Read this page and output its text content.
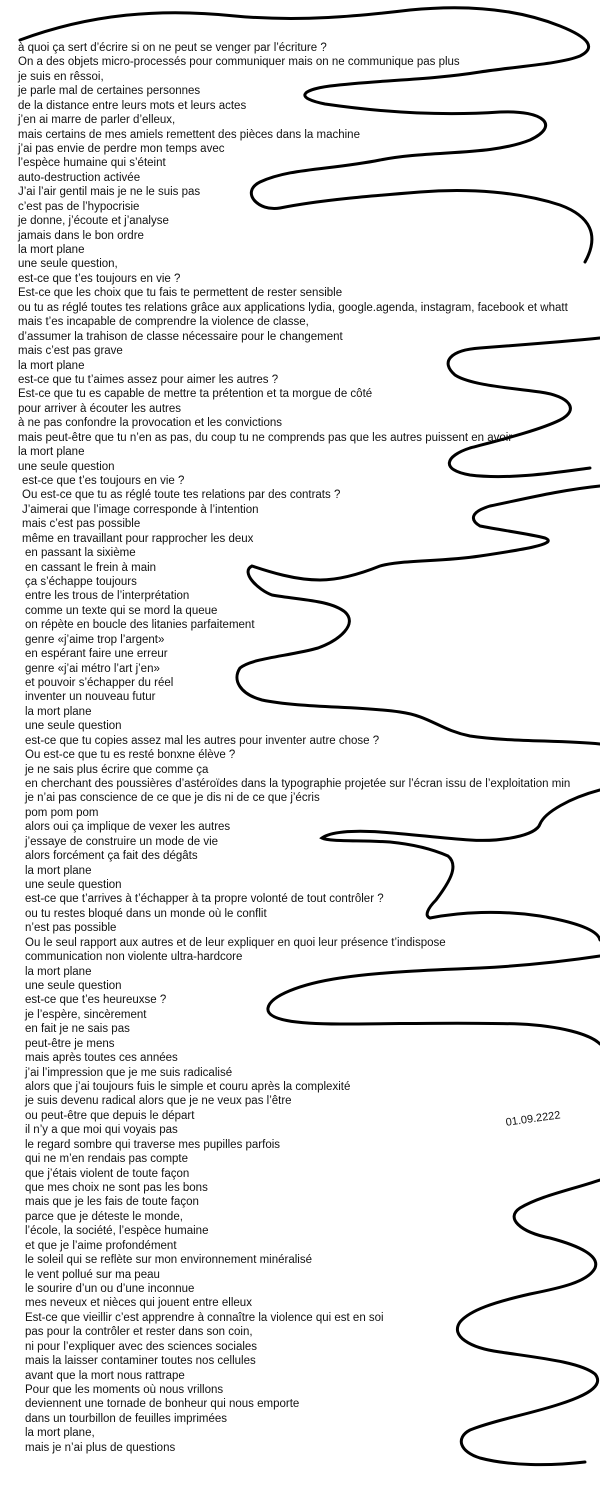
à quoi ça sert d’écrire si on ne peut se venger par l’écriture ?
On a des objets micro-processés pour communiquer mais on ne communique pas plus
je suis en rêssoi,
je parle mal de certaines personnes
de la distance entre leurs mots et leurs actes
j’en ai marre de parler d’elleux,
mais certains de mes amiels remettent des pièces dans la machine
j’ai pas envie de perdre mon temps avec
l’espèce humaine qui s’éteint
auto-destruction activée
J’ai l’air gentil mais je ne le suis pas
c’est pas de l’hypocrisie
je donne, j’écoute et j’analyse
jamais dans le bon ordre
la mort plane
une seule question,
est-ce que t’es toujours en vie ?
Est-ce que les choix que tu fais te permettent de rester sensible
ou tu as réglé toutes tes relations grâce aux applications lydia, google.agenda, instagram, facebook et whatt
mais t’es incapable de comprendre la violence de classe,
d’assumer la trahison de classe nécessaire pour le changement
mais c’est pas grave
la mort plane
est-ce que tu t’aimes assez pour aimer les autres ?
Est-ce que tu es capable de mettre ta prétention et ta morgue de côté
pour arriver à écouter les autres
à ne pas confondre la provocation et les convictions
mais peut-être que tu n’en as pas, du coup tu ne comprends pas que les autres puissent en avoir
la mort plane
une seule question
est-ce que t’es toujours en vie ?
Ou est-ce que tu as réglé toute tes relations par des contrats ?
J’aimerai que l’image corresponde à l’intention
mais c’est pas possible
même en travaillant pour rapprocher les deux
en passant la sixième
en cassant le frein à main
ça s’échappe toujours
entre les trous de l’interprétation
comme un texte qui se mord la queue
on répète en boucle des litanies parfaitement
genre «j’aime trop l’argent»
en espérant faire une erreur
genre «j’ai métro l’art j’en»
et pouvoir s’échapper du réel
inventer un nouveau futur
la mort plane
une seule question
est-ce que tu copies assez mal les autres pour inventer autre chose ?
Ou est-ce que tu es resté bonxne élève ?
je ne sais plus écrire que comme ça
en cherchant des poussières d’astéroïdes dans la typographie projetée sur l’écran issu de l’exploitation min
je n’ai pas conscience de ce que je dis ni de ce que j’écris
pom pom pom
alors oui ça implique de vexer les autres
j’essaye de construire un mode de vie
alors forcément ça fait des dégâts
la mort plane
une seule question
est-ce que t’arrives à t’échapper à ta propre volonté de tout contrôler ?
ou tu restes bloqué dans un monde où le conflit
n’est pas possible
Ou le seul rapport aux autres et de leur expliquer en quoi leur présence t’indispose
communication non violente ultra-hardcore
la mort plane
une seule question
est-ce que t’es heureuxse ?
je l’espère, sincèrement
en fait je ne sais pas
peut-être je mens
mais après toutes ces années
j’ai l’impression que je me suis radicalisé
alors que j’ai toujours fuis le simple et couru après la complexité
je suis devenu radical alors que je ne veux pas l’être
ou peut-être que depuis le départ
il n’y a que moi qui voyais pas
le regard sombre qui traverse mes pupilles parfois
qui ne m’en rendais pas compte
que j’étais violent de toute façon
que mes choix ne sont pas les bons
mais que je les fais de toute façon
parce que je déteste le monde,
l’école, la société, l’espèce humaine
et que je l’aime profondément
le soleil qui se reflète sur mon environnement minéralisé
le vent pollué sur ma peau
le sourire d’un ou d’une inconnue
mes neveux et nièces qui jouent entre elleux
Est-ce que vieillir c’est apprendre à connaître la violence qui est en soi
pas pour la contrôler et rester dans son coin,
ni pour l’expliquer avec des sciences sociales
mais la laisser contaminer toutes nos cellules
avant que la mort nous rattrape
Pour que les moments où nous vrillons
deviennent une tornade de bonheur qui nous emporte
dans un tourbillon de feuilles imprimées
la mort plane,
mais je n’ai plus de questions
01.09.2222
